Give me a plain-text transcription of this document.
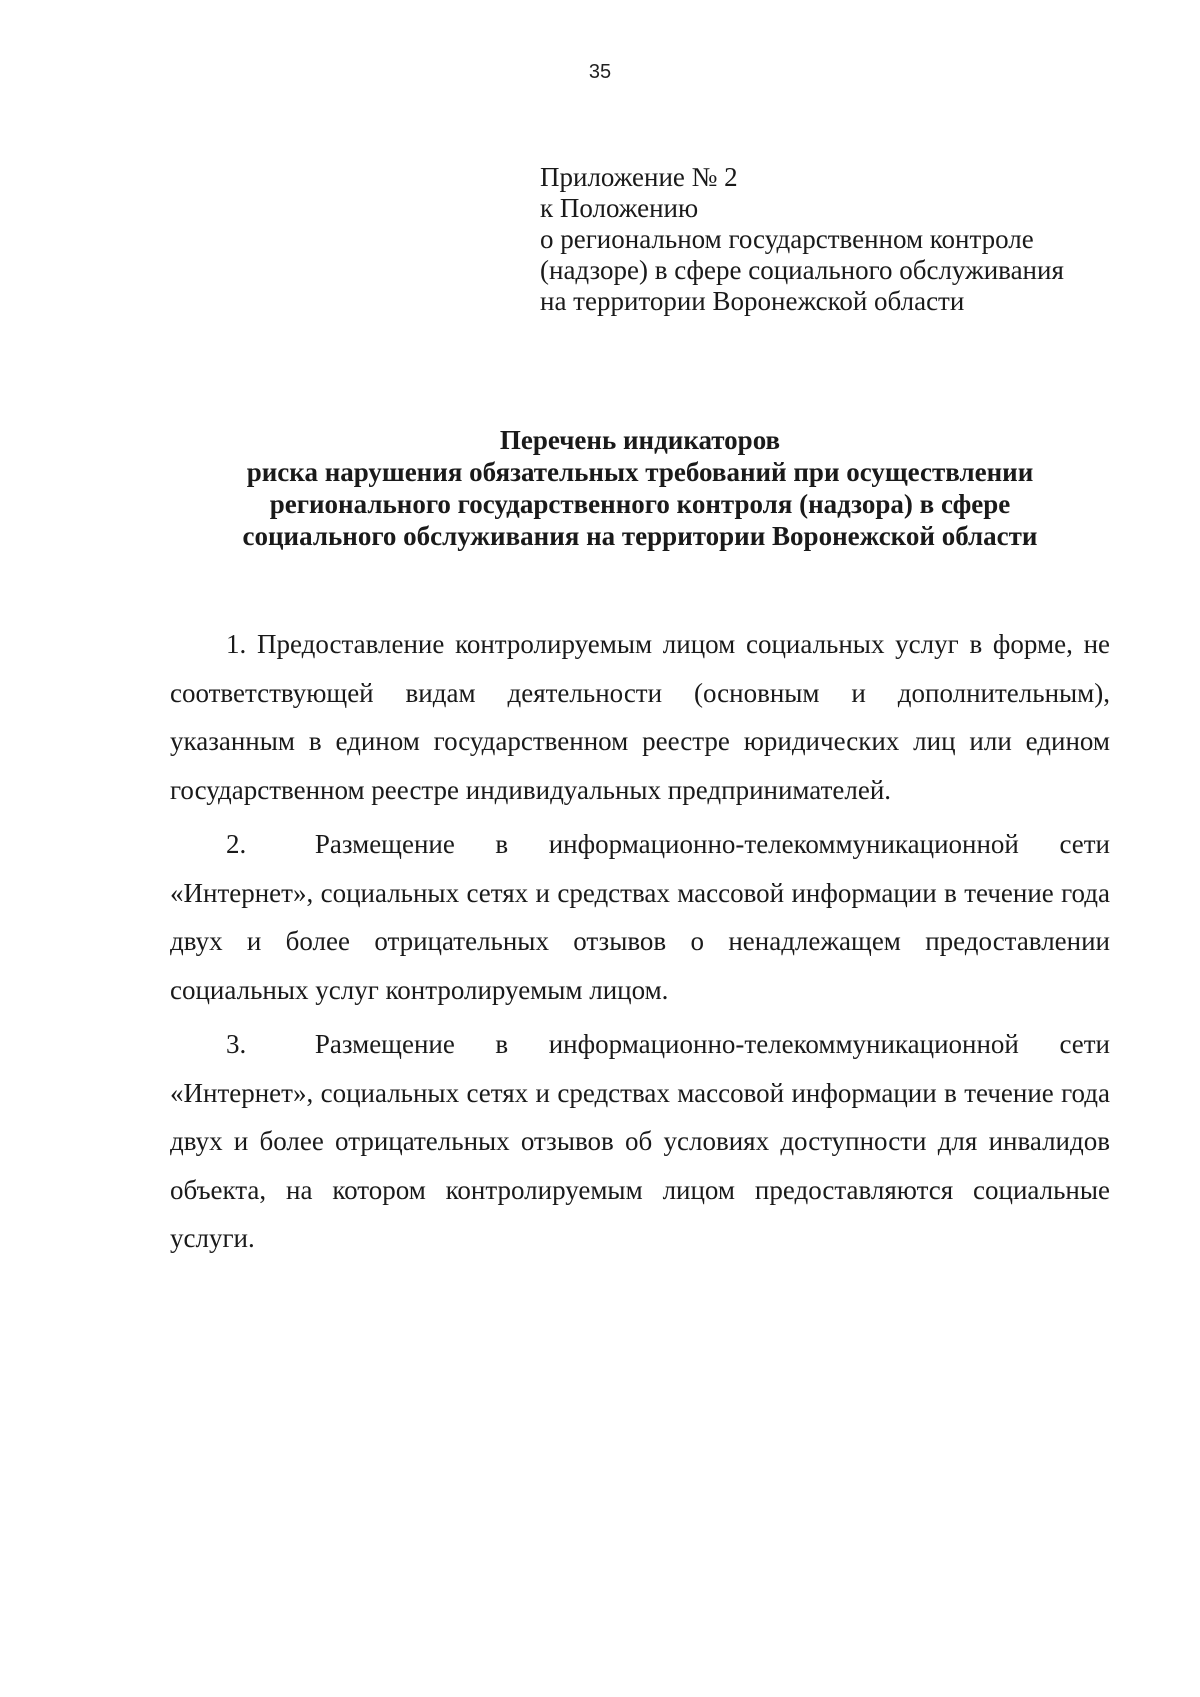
35
Приложение № 2
к Положению
о региональном государственном контроле
(надзоре) в сфере социального обслуживания
на территории Воронежской области
Перечень индикаторов
риска нарушения обязательных требований при осуществлении
регионального государственного контроля (надзора) в сфере
социального обслуживания на территории Воронежской области

1. Предоставление контролируемым лицом социальных услуг в форме, не соответствующей видам деятельности (основным и дополнительным), указанным в едином государственном реестре юридических лиц или едином государственном реестре индивидуальных предпринимателей.

2.	Размещение в информационно-телекоммуникационной сети «Интернет», социальных сетях и средствах массовой информации в течение года двух и более отрицательных отзывов о ненадлежащем предоставлении социальных услуг контролируемым лицом.

3.	Размещение в информационно-телекоммуникационной сети «Интернет», социальных сетях и средствах массовой информации в течение года двух и более отрицательных отзывов об условиях доступности для инвалидов объекта, на котором контролируемым лицом предоставляются социальные услуги.
